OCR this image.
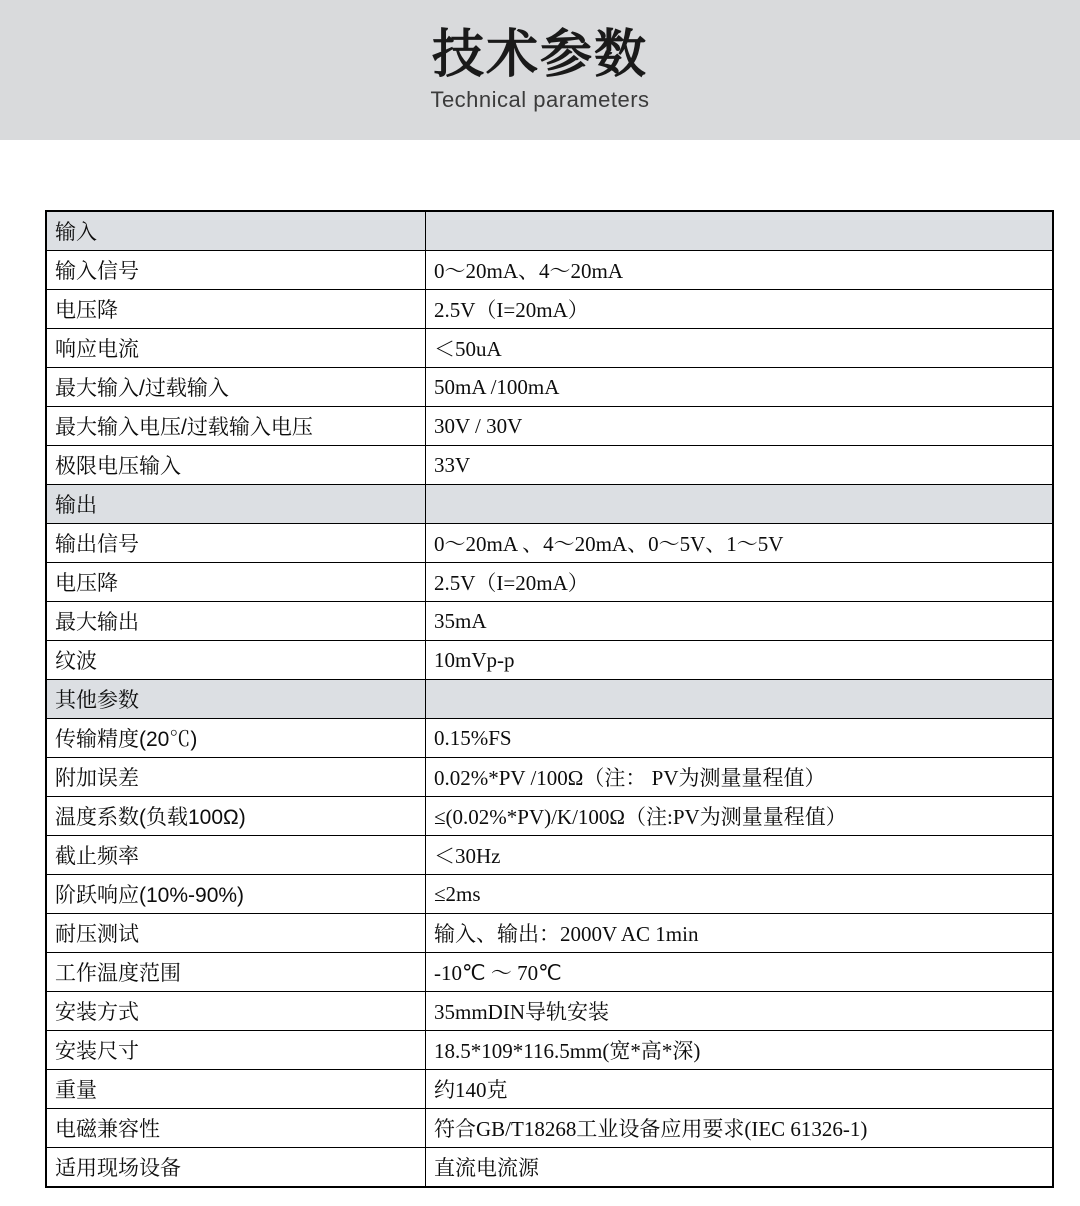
技术参数
Technical parameters
输入	
输入信号	0～20mA、4～20mA
电压降	2.5V（I=20mA）
响应电流	＜50uA
最大输入/过载输入	50mA /100mA
最大输入电压/过载输入电压	30V / 30V
极限电压输入	33V
输出	
输出信号	0～20mA 、4～20mA、0～5V、1～5V
电压降	2.5V（I=20mA）
最大输出	35mA
纹波	10mVp-p
其他参数	
传输精度(20℃)	0.15%FS
附加误差	0.02%*PV /100Ω（注： PV为测量量程值）
温度系数(负载100Ω)	≤(0.02%*PV)/K/100Ω（注:PV为测量量程值）
截止频率	＜30Hz
阶跃响应(10%-90%)	≤2ms
耐压测试	输入、输出：2000V AC 1min
工作温度范围	-10℃ ～ 70℃
安装方式	35mmDIN导轨安装
安装尺寸	18.5*109*116.5mm(宽*高*深)
重量	约140克
电磁兼容性	符合GB/T18268工业设备应用要求(IEC 61326-1)
适用现场设备	直流电流源
